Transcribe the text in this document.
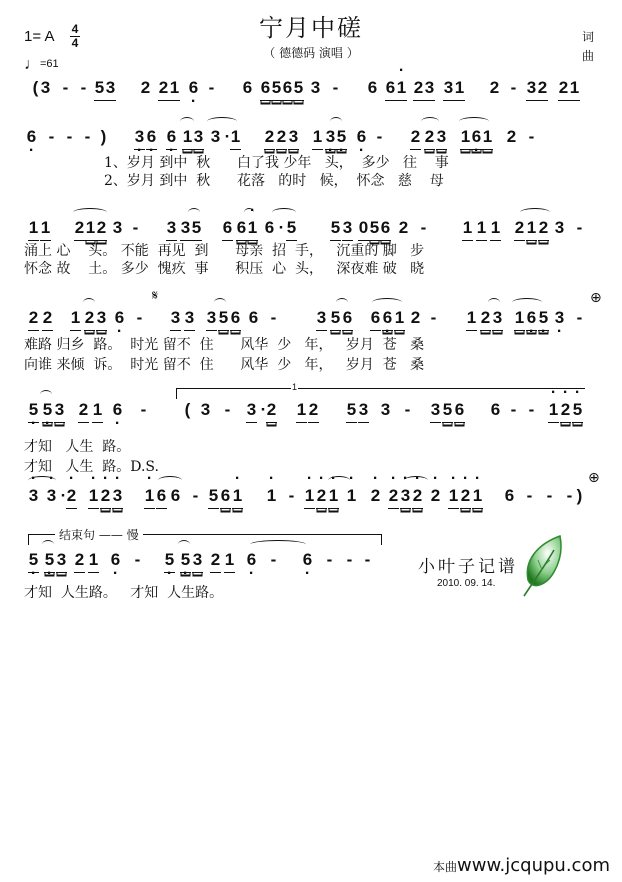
宁月中磋
（ 德德码 演唱 ）
1= A 4
4
♩=61
词
曲
( 3 - - 5 3 2 2 1 6 · - 6 6 5 6 5 3 - 6 6 · 1 2 3 3 1 2 - 3 2 2 1
6 · - - - ) 3 · 6 · 6 · 1 3 3 · 1 2 2 3 1 3 · 5 · 6 · - 2 2 3 1 6 · 1 2 -
1、岁月 到中  秋      白了我 少年   头，  多少   往    事
2、岁月 到中  秋      花落   的时   候，  怀念   慈    母
1 1 2 1 2 3 - 3 3 5 6 6 · 1 6 · 5 5 3 0 5 6 2 - 1 1 1 2 1 2 3 -
涌上 心    头。 不能  再见  到      母亲  招  手，   沉重的 脚   步
怀念 故    土。 多少  愧疚  事      积压  心  头，   深夜难 破   晓
2 2 1 2 3 6 · - 3 3 3 5 6 6 - 3 5 6 6 6 · 1 2 - 1 2 3 1 6 · 5 · 3 · -
𝄋	⊕
难路 归乡  路。  时光 留不  住      风华  少   年，   岁月  苍   桑
向谁 来倾  诉。  时光 留不  住      风华  少   年，   岁月  苍   桑
5 · 5 · 3 2 1 6 · - ( 3 - 3 · 2 1 2 5 3 3 - 3 5 6 6 - - · 1 · 2 · 5
1
才知   人生  路。
才知   人生  路。D.S.
· 3 · 3 · · 2 · 1 · 2 · 3 · 1 6 6 - 5 6 · 1 · 1 - · 1 · 2 · 1 · 1 · 2 · 2 · 3 · 2 · 2 · 1 · 2 · 1 6 - - - )
⊕
5 · 5 · 3 2 1 6 · - 5 · 5 · 3 2 1 6 · - 6 · - - -
结束句 —— 慢
才知  人生路。   才知  人生路。
小叶子记谱
2010. 09. 14.
本曲www.jcqupu.com
